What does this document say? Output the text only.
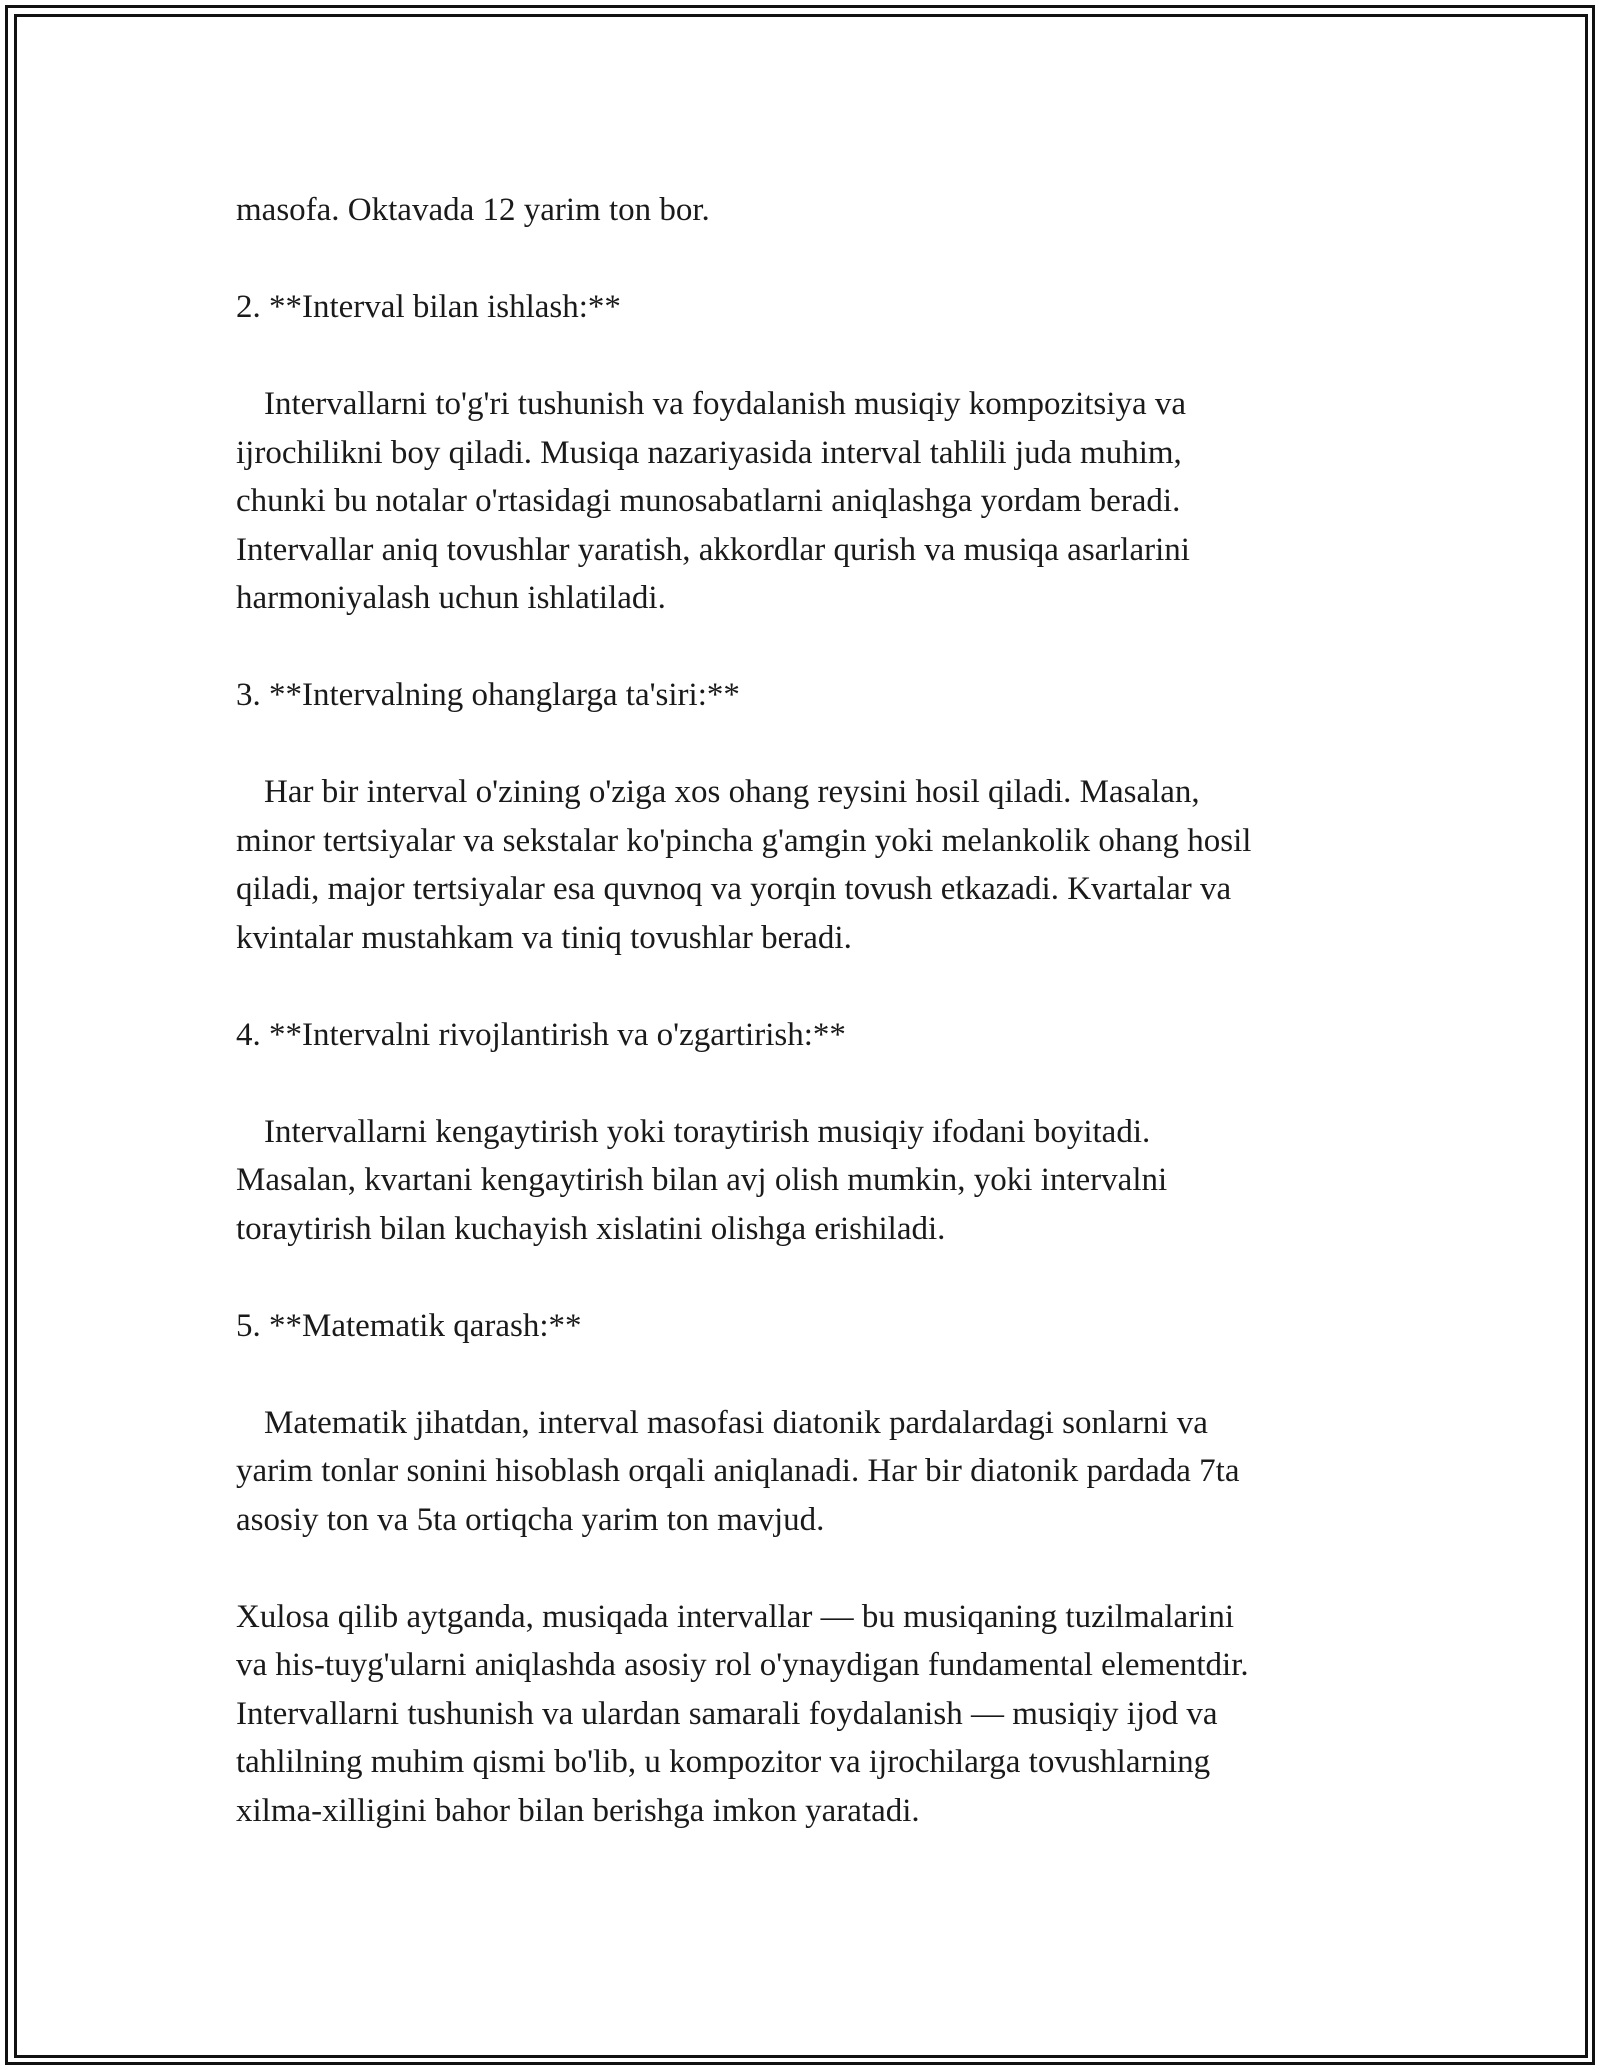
masofa. Oktavada 12 yarim ton bor.

2. **Interval bilan ishlash:**

Intervallarni to'g'ri tushunish va foydalanish musiqiy kompozitsiya va
ijrochilikni boy qiladi. Musiqa nazariyasida interval tahlili juda muhim,
chunki bu notalar o'rtasidagi munosabatlarni aniqlashga yordam beradi.
Intervallar aniq tovushlar yaratish, akkordlar qurish va musiqa asarlarini
harmoniyalash uchun ishlatiladi.

3. **Intervalning ohanglarga ta'siri:**

Har bir interval o'zining o'ziga xos ohang reysini hosil qiladi. Masalan,
minor tertsiyalar va sekstalar ko'pincha g'amgin yoki melankolik ohang hosil
qiladi, major tertsiyalar esa quvnoq va yorqin tovush etkazadi. Kvartalar va
kvintalar mustahkam va tiniq tovushlar beradi.

4. **Intervalni rivojlantirish va o'zgartirish:**

Intervallarni kengaytirish yoki toraytirish musiqiy ifodani boyitadi.
Masalan, kvartani kengaytirish bilan avj olish mumkin, yoki intervalni
toraytirish bilan kuchayish xislatini olishga erishiladi.

5. **Matematik qarash:**

Matematik jihatdan, interval masofasi diatonik pardalardagi sonlarni va
yarim tonlar sonini hisoblash orqali aniqlanadi. Har bir diatonik pardada 7ta
asosiy ton va 5ta ortiqcha yarim ton mavjud.

Xulosa qilib aytganda, musiqada intervallar — bu musiqaning tuzilmalarini
va his-tuyg'ularni aniqlashda asosiy rol o'ynaydigan fundamental elementdir.
Intervallarni tushunish va ulardan samarali foydalanish — musiqiy ijod va
tahlilning muhim qismi bo'lib, u kompozitor va ijrochilarga tovushlarning
xilma-xilligini bahor bilan berishga imkon yaratadi.
